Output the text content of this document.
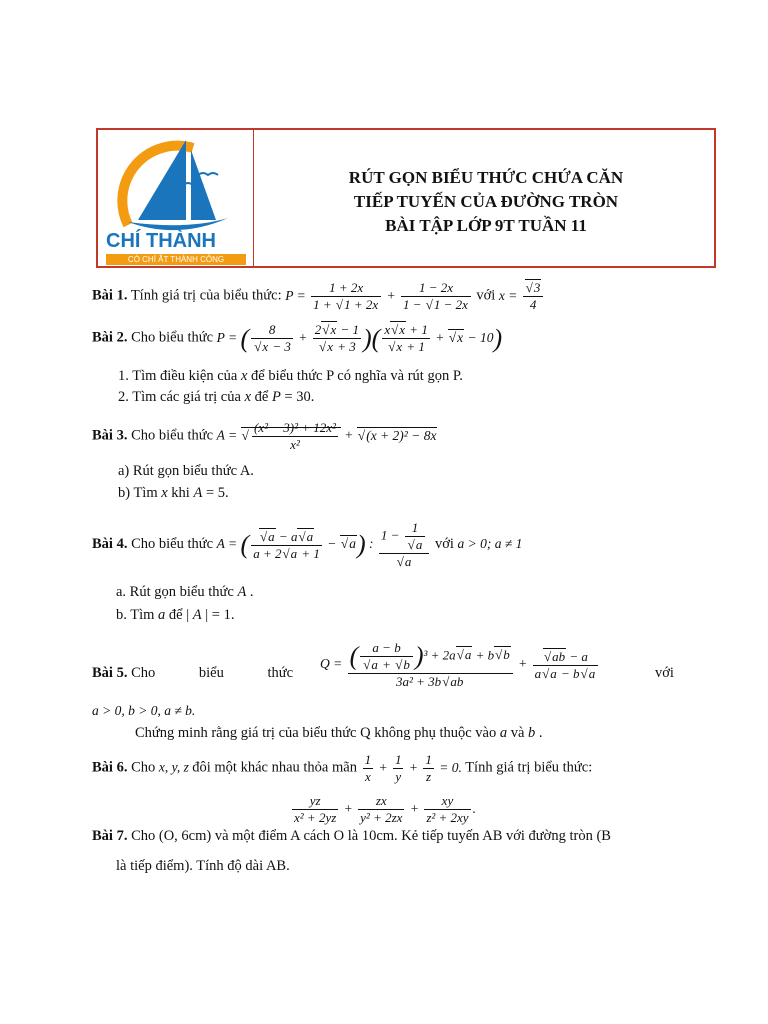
CHÍ THÀNH
CÓ CHÍ ẮT THÀNH CÔNG
RÚT GỌN BIỂU THỨC CHỨA CĂN
TIẾP TUYẾN CỦA ĐƯỜNG TRÒN
BÀI TẬP LỚP 9T TUẦN 11
Bài 1. Tính giá trị của biểu thức: $P = \frac{1 + 2x}{1 + √ 1 + 2x} + \frac{1 - 2x}{1 - √ 1 - 2x}$ với x = √ $\frac{3}{4}$
Bài 2. Cho biểu thức P = ( 8
√ x − 3 + 2 √ x − 1
√ x + 3 )( x √ x + 1
√ x + 1 + √ x − 10)
1. Tìm điều kiện của x để biểu thức P có nghĩa và rút gọn P.
2. Tìm các giá trị của x để P = 30.
Bài 3. Cho biểu thức A = √ $\frac{\text{(x² − 3)² + 12x²}}{\text{x²}}$ + √ (x + 2)² − 8x
a) Rút gọn biểu thức A.
b) Tìm x khi A = 5.
Bài 4. Cho biểu thức A = ( √ $\frac{a - a √ a}{a + 2 √ a + 1}$ − √ a) : 1 − 1
√ a
√ a với a > 0; a ≠ 1
a. Rút gọn biểu thức A .
b. Tìm a để | A | = 1.
Bài 5. Cho	biểu	thức
Q = ( a − b
√ a + √ b )³ + 2a √ a + b √ b
3a² + 3b √ ab + √ $\frac{ab - a}{a √ a - b √ a}$	với
a > 0, b > 0, a ≠ b.
Chứng minh rằng giá trị của biểu thức Q không phụ thuộc vào a và b .
Bài 6. Cho x, y, z đôi một khác nhau thỏa mãn $\frac{1}{x} + \frac{1}{y} + \frac{1}{z} = 0$. Tính giá trị biểu thức:
$\frac{yz}{\text{x² + 2yz}} + \frac{zx}{\text{y² + 2zx}} + \frac{xy}{\text{z² + 2xy}}$ .
Bài 7. Cho (O, 6cm) và một điểm A cách O là 10cm. Kẻ tiếp tuyến AB với đường tròn (B
là tiếp điểm). Tính độ dài AB.
